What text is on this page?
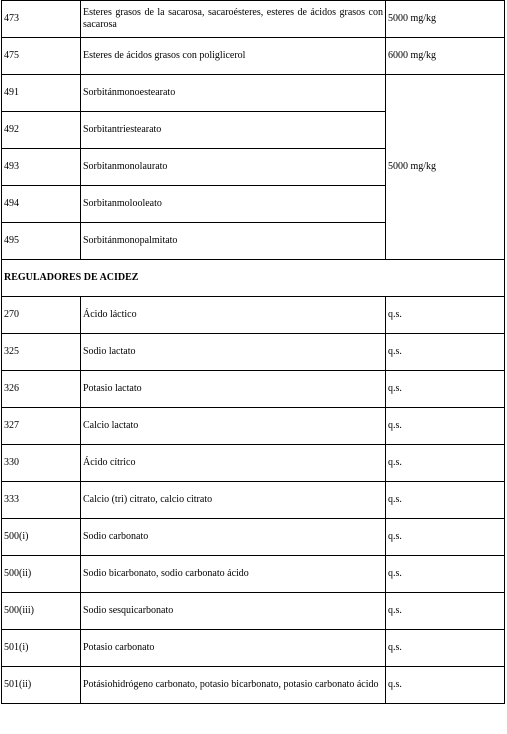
473	Esteres grasos de la sacarosa, sacaroésteres, esteres de ácidos grasos con sacarosa	5000 mg/kg
475	Esteres de ácidos grasos con poliglicerol	6000 mg/kg
491	Sorbitánmonoestearato	5000 mg/kg
492	Sorbitantriestearato	
493	Sorbitanmonolaurato	
494	Sorbitanmolooleato	
495	Sorbitánmonopalmitato	
REGULADORES DE ACIDEZ		
270	Ácido láctico	q.s.
325	Sodio lactato	q.s.
326	Potasio lactato	q.s.
327	Calcio lactato	q.s.
330	Ácido cítrico	q.s.
333	Calcio (tri) citrato, calcio citrato	q.s.
500(i)	Sodio carbonato	q.s.
500(ii)	Sodio bicarbonato, sodio carbonato ácido	q.s.
500(iii)	Sodio sesquicarbonato	q.s.
501(i)	Potasio carbonato	q.s.
501(ii)	Potásiohidrógeno carbonato, potasio bicarbonato, potasio carbonato ácido	q.s.
